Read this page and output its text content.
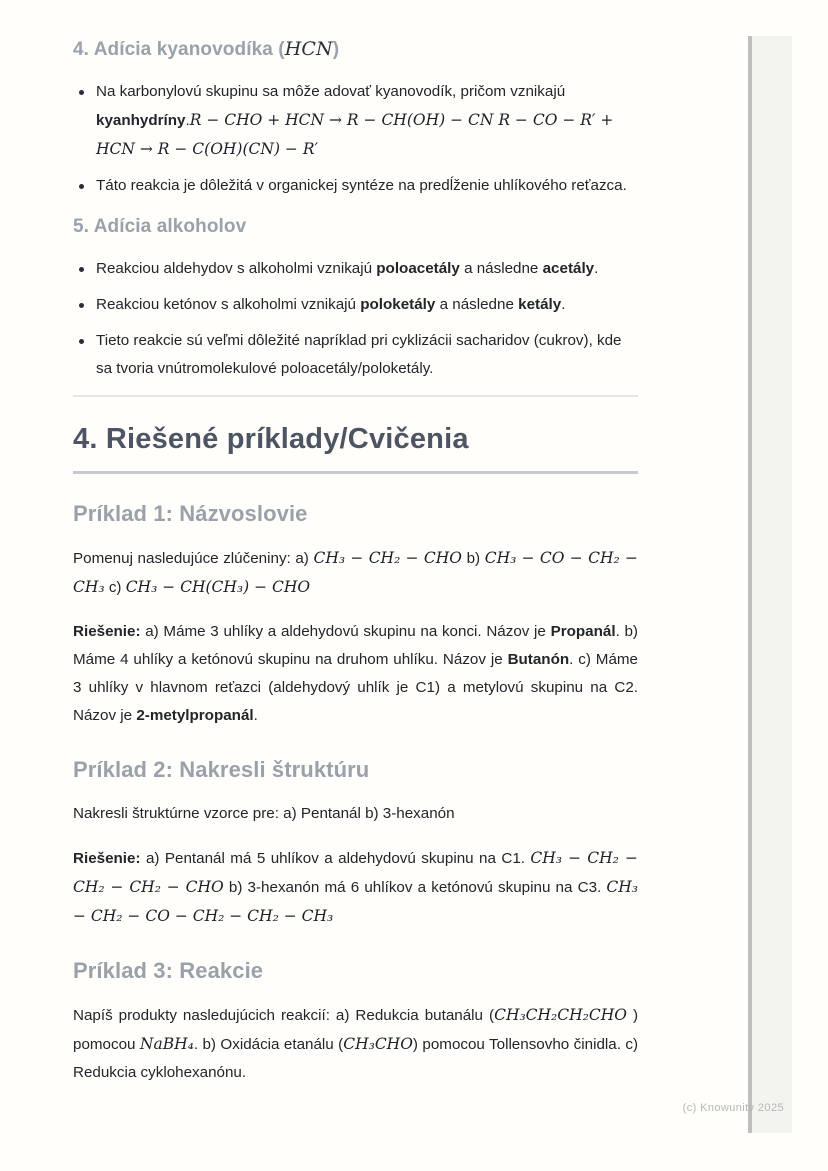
4. Adícia kyanovodíka (HCN)
Na karbonylovú skupinu sa môže adovať kyanovodík, pričom vznikajú kyanhydríny.R − CHO + HCN → R − CH(OH) − CN R − CO − R′ + HCN → R − C(OH)(CN) − R′
Táto reakcia je dôležitá v organickej syntéze na predĺženie uhlíkového reťazca.
5. Adícia alkoholov
Reakciou aldehydov s alkoholmi vznikajú poloacetály a následne acetály.
Reakciou ketónov s alkoholmi vznikajú poloketály a následne ketály.
Tieto reakcie sú veľmi dôležité napríklad pri cyklizácii sacharidov (cukrov), kde sa tvoria vnútromolekulové poloacetály/poloketály.
4. Riešené príklady/Cvičenia
Príklad 1: Názvoslovie

Pomenuj nasledujúce zlúčeniny: a) CH₃ − CH₂ − CHO b) CH₃ − CO − CH₂ − CH₃ c) CH₃ − CH(CH₃) − CHO

Riešenie: a) Máme 3 uhlíky a aldehydovú skupinu na konci. Názov je Propanál. b) Máme 4 uhlíky a ketónovú skupinu na druhom uhlíku. Názov je Butanón. c) Máme 3 uhlíky v hlavnom reťazci (aldehydový uhlík je C1) a metylovú skupinu na C2. Názov je 2-metylpropanál.

Príklad 2: Nakresli štruktúru

Nakresli štruktúrne vzorce pre: a) Pentanál b) 3-hexanón

Riešenie: a) Pentanál má 5 uhlíkov a aldehydovú skupinu na C1. CH₃ − CH₂ − CH₂ − CH₂ − CHO b) 3-hexanón má 6 uhlíkov a ketónovú skupinu na C3. CH₃ − CH₂ − CO − CH₂ − CH₂ − CH₃

Príklad 3: Reakcie

Napíš produkty nasledujúcich reakcií: a) Redukcia butanálu (CH₃CH₂CH₂CHO ) pomocou NaBH₄. b) Oxidácia etanálu (CH₃CHO) pomocou Tollensovho činidla. c) Redukcia cyklohexanónu.

(c) Knowunity 2025
